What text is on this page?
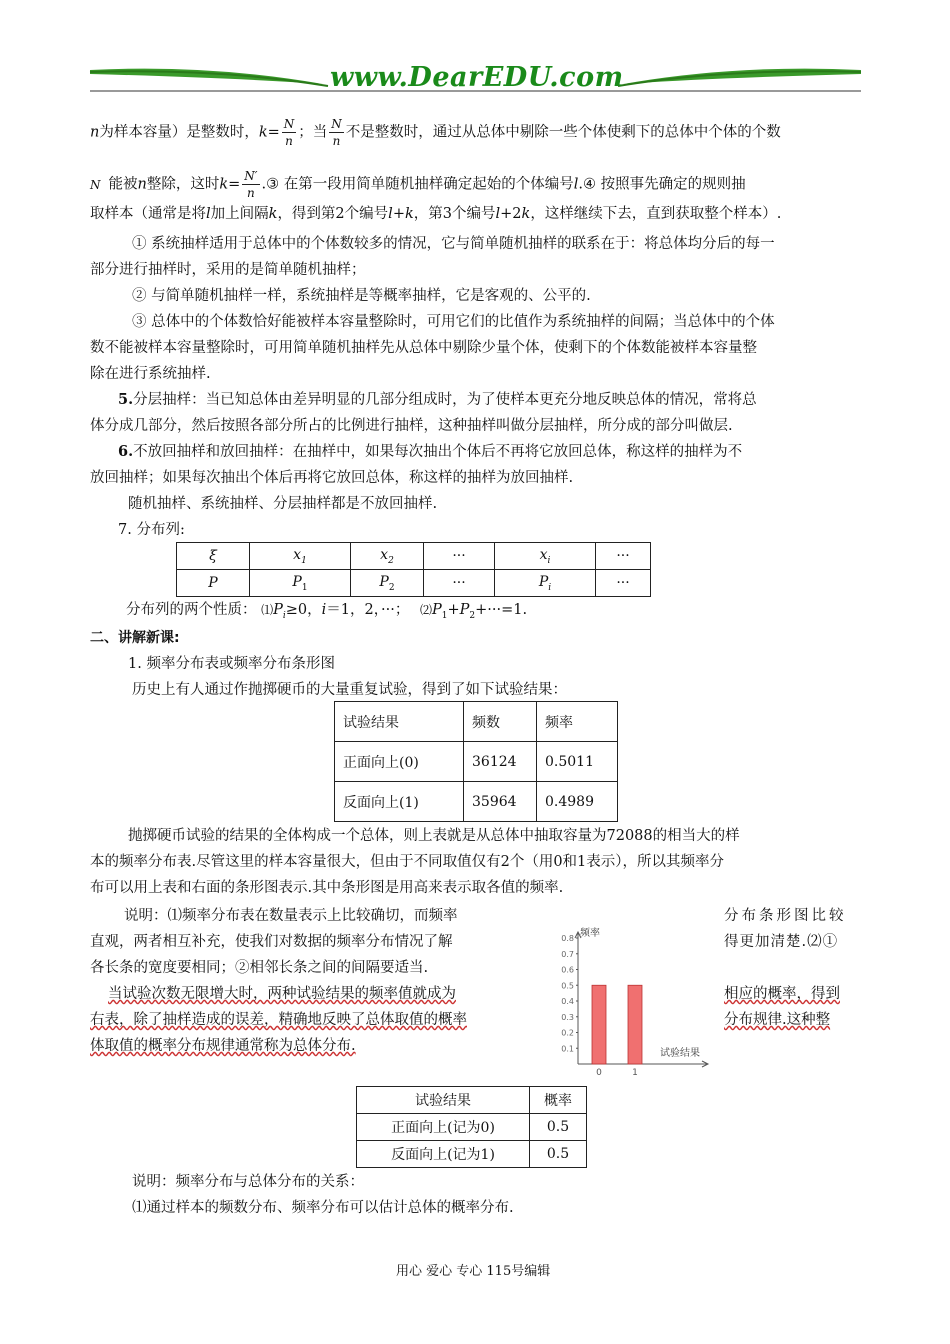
www.DearEDU.com
n为样本容量）是整数时，$k= \frac{N}{n}$ ；当 $\frac{N}{n}$ 不是整数时，通过从总体中剔除一些个体使剩下的总体中个体的个数
N 能被n整除，这时$k= \frac{N'}{n}$ .③ 在第一段用简单随机抽样确定起始的个体编号l.④ 按照事先确定的规则抽
取样本（通常是将l加上间隔k，得到第2个编号l+k，第3个编号l+2k，这样继续下去，直到获取整个样本）.
① 系统抽样适用于总体中的个体数较多的情况，它与简单随机抽样的联系在于：将总体均分后的每一
部分进行抽样时，采用的是简单随机抽样；
② 与简单随机抽样一样，系统抽样是等概率抽样，它是客观的、公平的.
③ 总体中的个体数恰好能被样本容量整除时，可用它们的比值作为系统抽样的间隔；当总体中的个体
数不能被样本容量整除时，可用简单随机抽样先从总体中剔除少量个体，使剩下的个体数能被样本容量整
除在进行系统抽样.
5.分层抽样：当已知总体由差异明显的几部分组成时，为了使样本更充分地反映总体的情况，常将总
体分成几部分，然后按照各部分所占的比例进行抽样，这种抽样叫做分层抽样，所分成的部分叫做层.
6.不放回抽样和放回抽样：在抽样中，如果每次抽出个体后不再将它放回总体，称这样的抽样为不
放回抽样；如果每次抽出个体后再将它放回总体，称这样的抽样为放回抽样.
随机抽样、系统抽样、分层抽样都是不放回抽样.
7. 分布列:
ξ	$x_1$	$x_2$	···	$x_i$	···
P	$P_1$	$P_2$	···	$P_i$	···
分布列的两个性质： $⑴P_i\ge 0$，i＝1，2，···； $⑵P_1+P_2+\cdot\cdot\cdot=1$.
二、讲解新课:
1. 频率分布表或频率分布条形图
历史上有人通过作抛掷硬币的大量重复试验，得到了如下试验结果：
试验结果	频数	频率
正面向上(0)	36124	0.5011
反面向上(1)	35964	0.4989
抛掷硬币试验的结果的全体构成一个总体，则上表就是从总体中抽取容量为72088的相当大的样
本的频率分布表.尽管这里的样本容量很大，但由于不同取值仅有2个（用0和1表示），所以其频率分
布可以用上表和右面的条形图表示.其中条形图是用高来表示取各值的频率.
说明：⑴频率分布表在数量表示上比较确切，而频率	分布条形图比较
直观，两者相互补充，使我们对数据的频率分布情况了解	得更加清楚.⑵①
各长条的宽度要相同；②相邻长条之间的间隔要适当.
当试验次数无限增大时，两种试验结果的频率值就成为	相应的概率，得到
右表，除了抽样造成的误差，精确地反映了总体取值的概率	分布规律.这种整
体取值的概率分布规律通常称为总体分布.
频率
试验结果
0.1
0.2
0.3
0.4
0.5
0.6
0.7
0.8
0	1
试验结果	概率
正面向上(记为0)	0.5
反面向上(记为1)	0.5
说明：频率分布与总体分布的关系：
⑴通过样本的频数分布、频率分布可以估计总体的概率分布.
用心 爱心 专心 115号编辑
